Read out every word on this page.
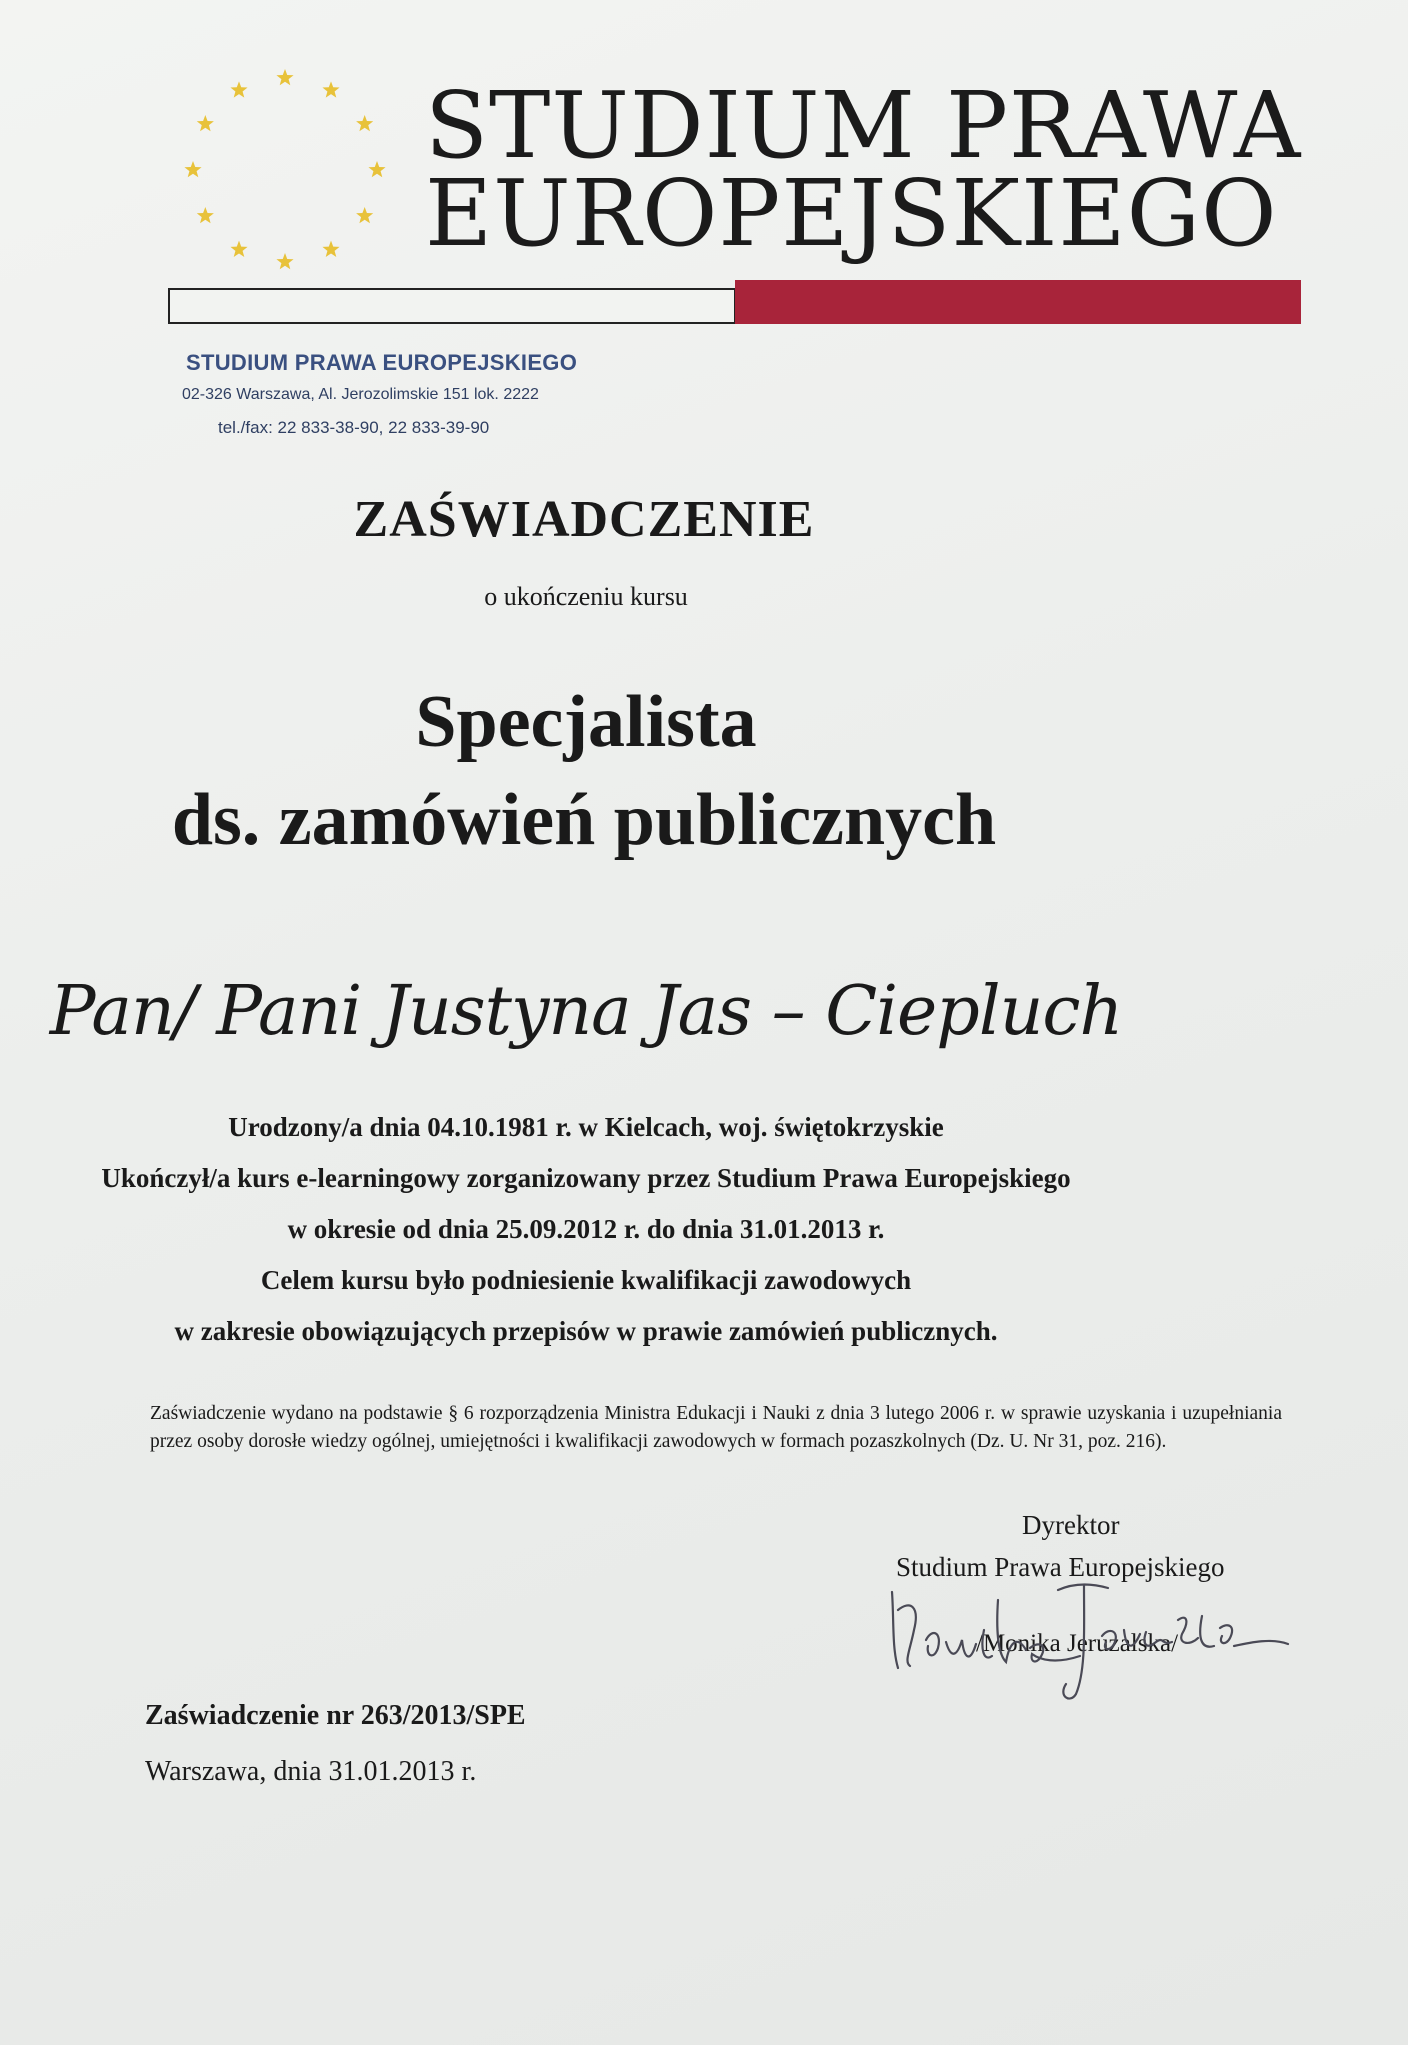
STUDIUM PRAWA
EUROPEJSKIEGO
STUDIUM PRAWA EUROPEJSKIEGO
02-326 Warszawa, Al. Jerozolimskie 151 lok. 2222
tel./fax: 22 833-38-90, 22 833-39-90
ZAŚWIADCZENIE
o ukończeniu kursu
Specjalista
ds. zamówień publicznych
Pan/ Pani Justyna Jas – Ciepluch
Urodzony/a dnia 04.10.1981 r. w Kielcach, woj. świętokrzyskie
Ukończył/a kurs e-learningowy zorganizowany przez Studium Prawa Europejskiego
w okresie od dnia 25.09.2012 r. do dnia 31.01.2013 r.
Celem kursu było podniesienie kwalifikacji zawodowych
w zakresie obowiązujących przepisów w prawie zamówień publicznych.
Zaświadczenie wydano na podstawie § 6 rozporządzenia Ministra Edukacji i Nauki z dnia 3 lutego 2006 r. w sprawie uzyskania i uzupełniania przez osoby dorosłe wiedzy ogólnej, umiejętności i kwalifikacji zawodowych w formach pozaszkolnych (Dz. U. Nr 31, poz. 216).
Dyrektor
Studium Prawa Europejskiego
/Monika Jeruzalska/
Zaświadczenie nr 263/2013/SPE
Warszawa, dnia 31.01.2013 r.
